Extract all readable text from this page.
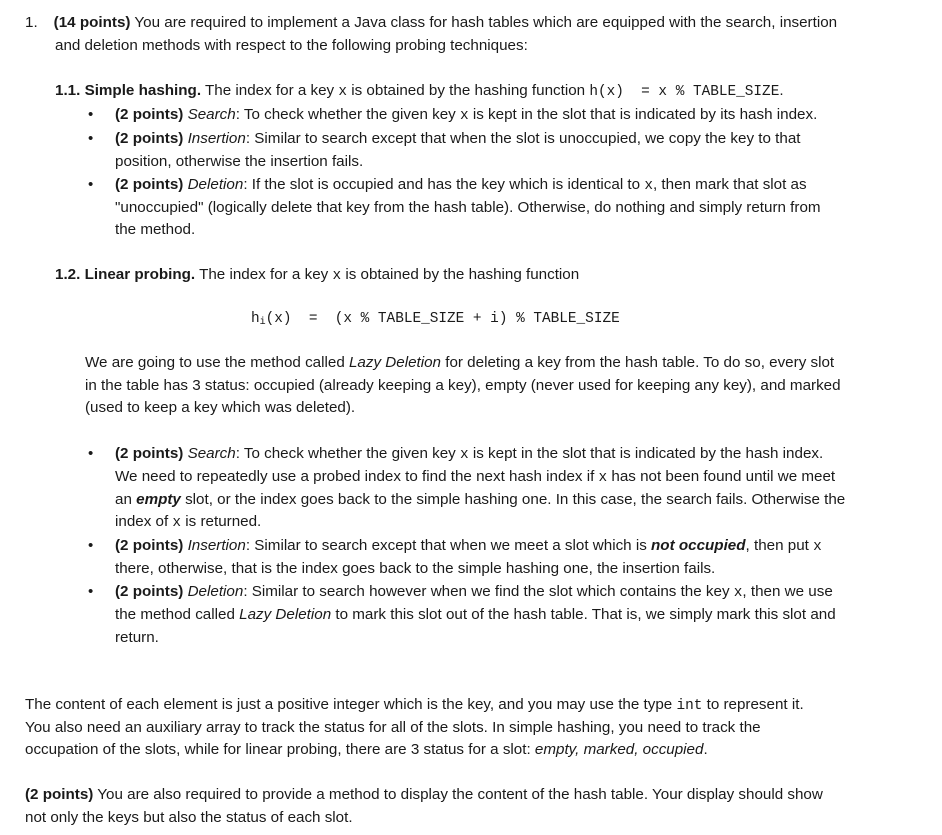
1. (14 points) You are required to implement a Java class for hash tables which are equipped with the search, insertion
and deletion methods with respect to the following probing techniques:
1.1. Simple hashing. The index for a key x is obtained by the hashing function h(x)  = x % TABLE_SIZE.
• (2 points) Search: To check whether the given key x is kept in the slot that is indicated by its hash index.
• (2 points) Insertion: Similar to search except that when the slot is unoccupied, we copy the key to that
position, otherwise the insertion fails.
• (2 points) Deletion: If the slot is occupied and has the key which is identical to x, then mark that slot as
"unoccupied" (logically delete that key from the hash table). Otherwise, do nothing and simply return from
the method.
1.2. Linear probing. The index for a key x is obtained by the hashing function
$h_i(x) = (x$ % TABLE_SIZE + i) % TABLE_SIZE
We are going to use the method called Lazy Deletion for deleting a key from the hash table. To do so, every slot
in the table has 3 status: occupied (already keeping a key), empty (never used for keeping any key), and marked
(used to keep a key which was deleted).
• (2 points) Search: To check whether the given key x is kept in the slot that is indicated by the hash index.
We need to repeatedly use a probed index to find the next hash index if x has not been found until we meet
an empty slot, or the index goes back to the simple hashing one. In this case, the search fails. Otherwise the
index of x is returned.
• (2 points) Insertion: Similar to search except that when we meet a slot which is not occupied, then put x
there, otherwise, that is the index goes back to the simple hashing one, the insertion fails.
• (2 points) Deletion: Similar to search however when we find the slot which contains the key x, then we use
the method called Lazy Deletion to mark this slot out of the hash table. That is, we simply mark this slot and
return.
The content of each element is just a positive integer which is the key, and you may use the type int to represent it.
You also need an auxiliary array to track the status for all of the slots. In simple hashing, you need to track the
occupation of the slots, while for linear probing, there are 3 status for a slot: empty, marked, occupied.
(2 points) You are also required to provide a method to display the content of the hash table. Your display should show
not only the keys but also the status of each slot.
